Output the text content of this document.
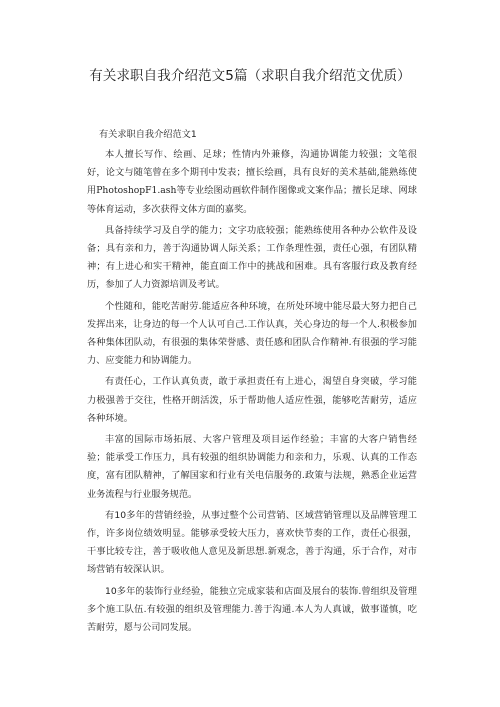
有关求职自我介绍范文5篇（求职自我介绍范文优质）
有关求职自我介绍范文1

本人擅长写作、绘画、足球；性情内外兼修，沟通协调能力较强；文笔很好，论文与随笔曾在多个期刊中发表；擅长绘画，具有良好的美术基础,能熟练使用PhotoshopF1.ash等专业绘图动画软件制作图像或文案作品；擅长足球、网球等体育运动，多次获得文体方面的嘉奖。

具备持续学习及自学的能力；文字功底较强；能熟练使用各种办公软件及设备；具有亲和力，善于沟通协调人际关系；工作条理性强，责任心强，有团队精神；有上进心和实干精神，能直面工作中的挑战和困难。具有客服行政及教育经历，参加了人力资源培训及考试。

个性随和，能吃苦耐劳.能适应各种环境，在所处环境中能尽最大努力把自己发挥出来，让身边的每一个人认可自己.工作认真，关心身边的每一个人.积极参加各种集体团队动，有很强的集体荣誉感、责任感和团队合作精神.有很强的学习能力、应变能力和协调能力。

有责任心，工作认真负责，敢于承担责任有上进心，渴望自身突破，学习能力极强善于交往，性格开朗活泼，乐于帮助他人适应性强，能够吃苦耐劳，适应各种环境。

丰富的国际市场拓展、大客户管理及项目运作经验；丰富的大客户销售经验；能承受工作压力，具有较强的组织协调能力和亲和力，乐观、认真的工作态度，富有团队精神，了解国家和行业有关电信服务的.政策与法规，熟悉企业运营业务流程与行业服务规范。

有10多年的营销经验，从事过整个公司营销、区域营销管理以及品牌管理工作，许多岗位绩效明显。能够承受较大压力，喜欢快节奏的工作，责任心很强，干事比较专注，善于吸收他人意见及新思想.新观念，善于沟通，乐于合作，对市场营销有较深认识。

10多年的装饰行业经验，能独立完成家装和店面及展台的装饰.曾组织及管理多个施工队伍.有较强的组织及管理能力.善于沟通.本人为人真诚，做事谨慎，吃苦耐劳，愿与公司同发展。
